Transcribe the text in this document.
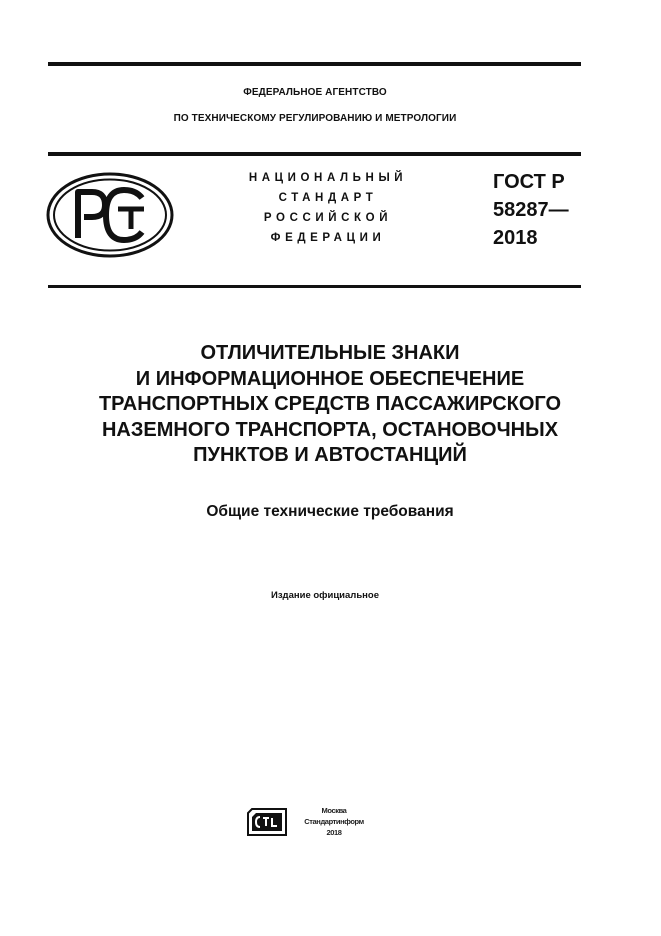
ФЕДЕРАЛЬНОЕ АГЕНТСТВО
ПО ТЕХНИЧЕСКОМУ РЕГУЛИРОВАНИЮ И МЕТРОЛОГИИ
НАЦИОНАЛЬНЫЙ
СТАНДАРТ
РОССИЙСКОЙ
ФЕДЕРАЦИИ
ГОСТ Р
58287—
2018
ОТЛИЧИТЕЛЬНЫЕ ЗНАКИ
И ИНФОРМАЦИОННОЕ ОБЕСПЕЧЕНИЕ
ТРАНСПОРТНЫХ СРЕДСТВ ПАССАЖИРСКОГО
НАЗЕМНОГО ТРАНСПОРТА, ОСТАНОВОЧНЫХ
ПУНКТОВ И АВТОСТАНЦИЙ
Общие технические требования
Издание официальное
Москва
Стандартинформ
2018
